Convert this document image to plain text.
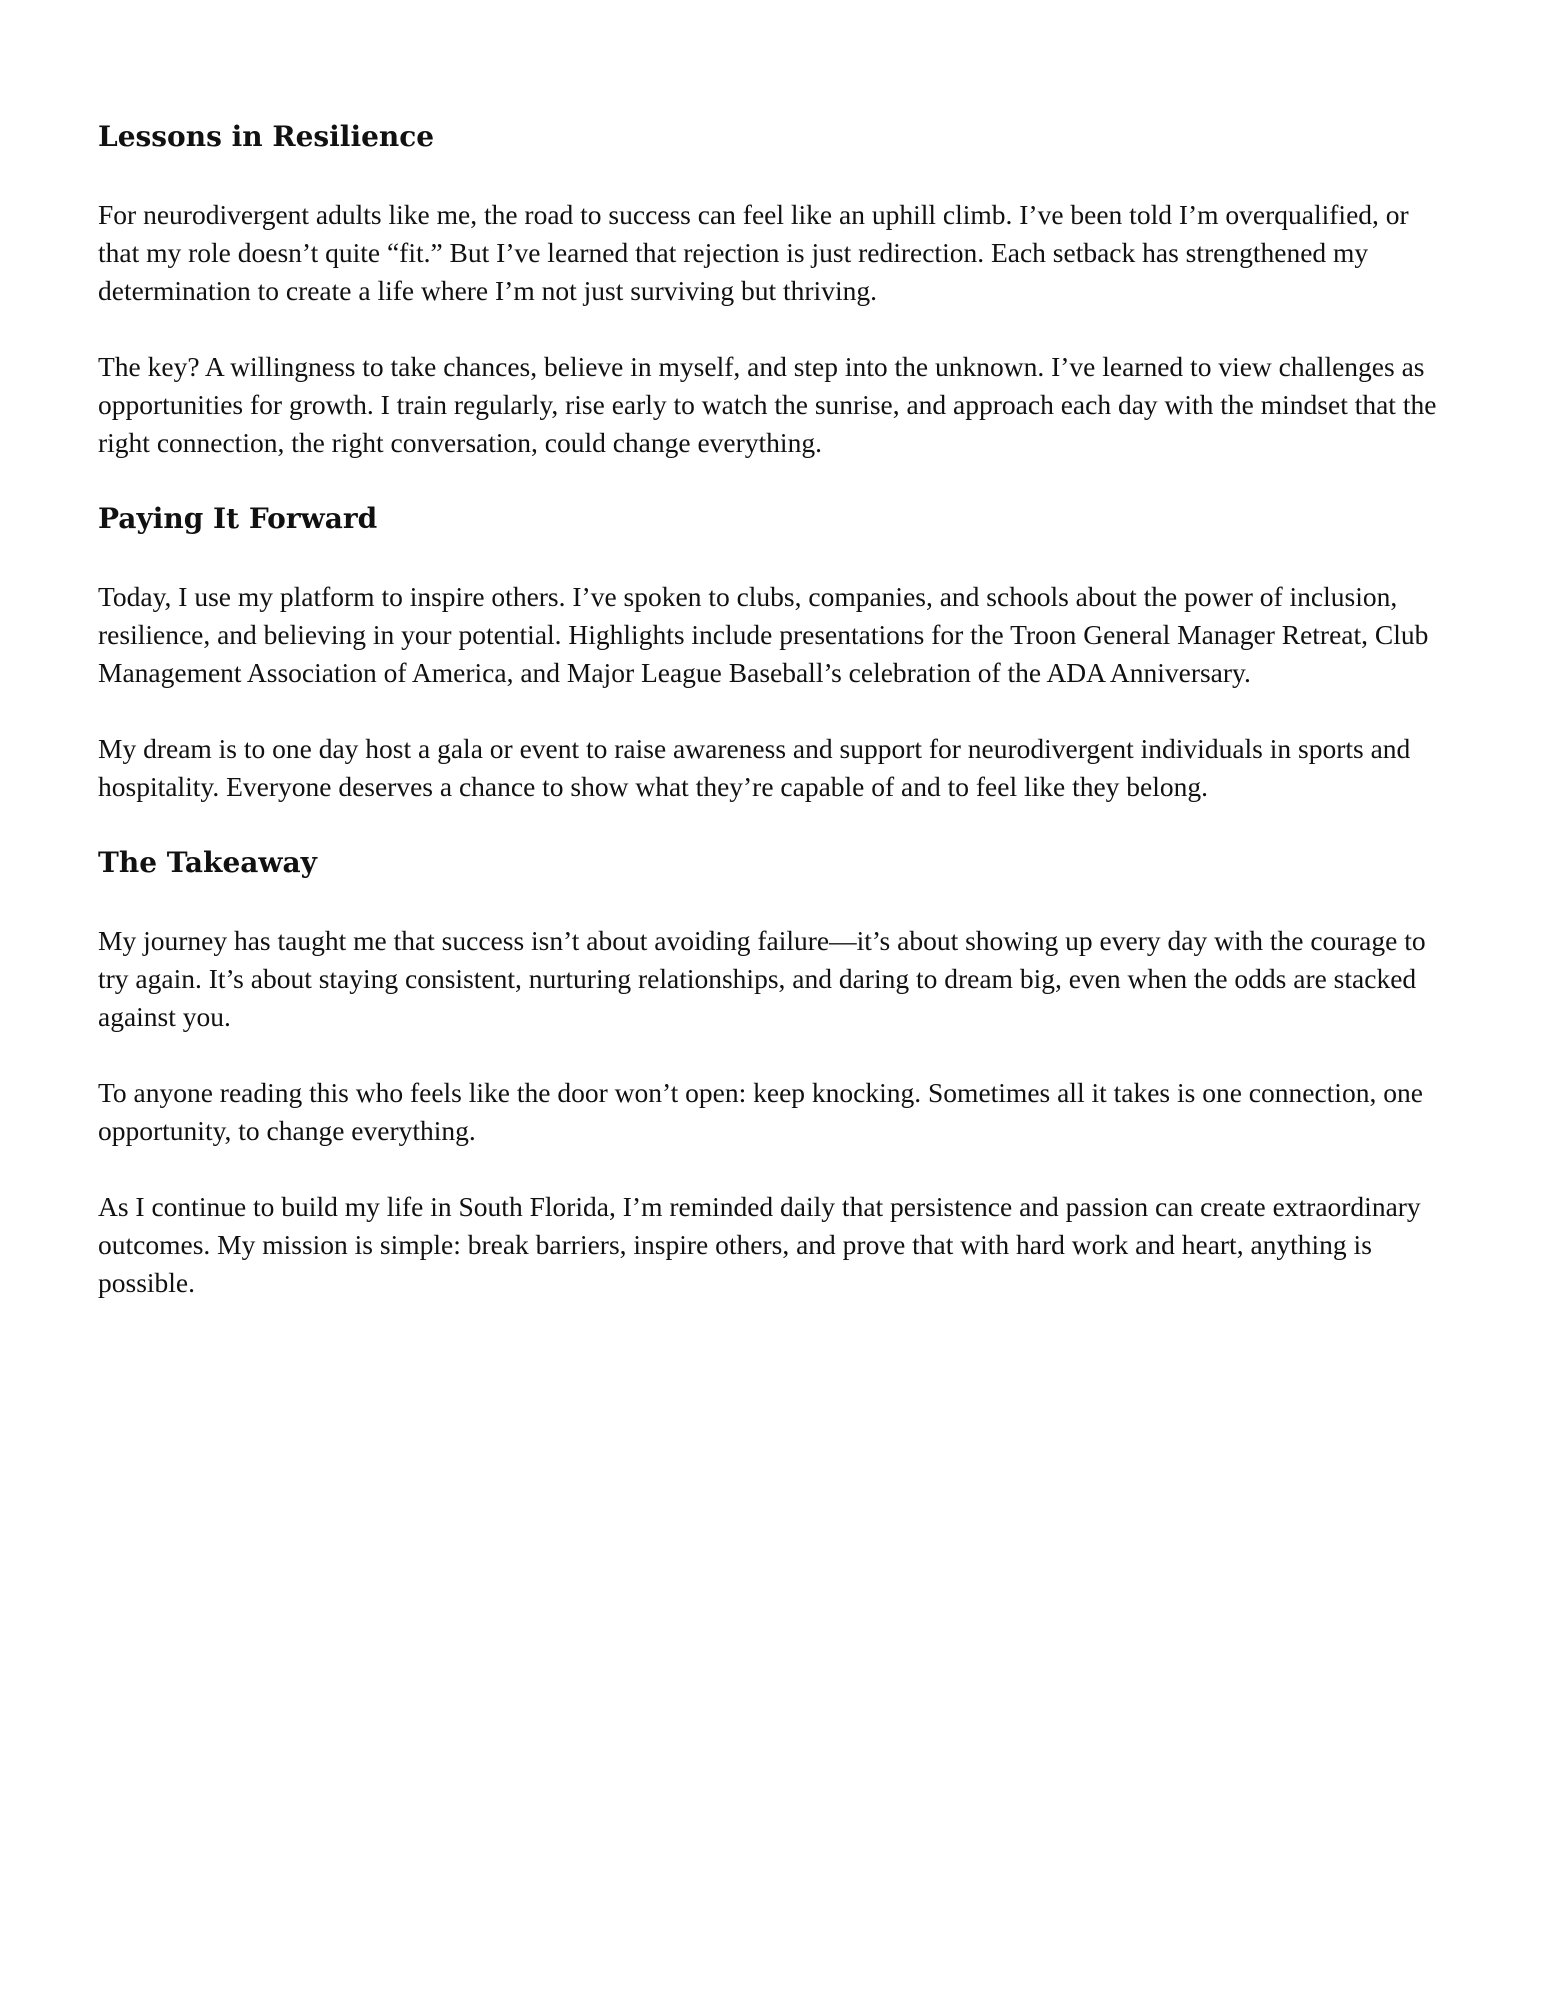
Lessons in Resilience

For neurodivergent adults like me, the road to success can feel like an uphill climb. I’ve been told I’m overqualified, or that my role doesn’t quite “fit.” But I’ve learned that rejection is just redirection. Each setback has strengthened my determination to create a life where I’m not just surviving but thriving.

The key? A willingness to take chances, believe in myself, and step into the unknown. I’ve learned to view challenges as opportunities for growth. I train regularly, rise early to watch the sunrise, and approach each day with the mindset that the right connection, the right conversation, could change everything.

Paying It Forward

Today, I use my platform to inspire others. I’ve spoken to clubs, companies, and schools about the power of inclusion, resilience, and believing in your potential. Highlights include presentations for the Troon General Manager Retreat, Club Management Association of America, and Major League Baseball’s celebration of the ADA Anniversary.

My dream is to one day host a gala or event to raise awareness and support for neurodivergent individuals in sports and hospitality. Everyone deserves a chance to show what they’re capable of and to feel like they belong.

The Takeaway

My journey has taught me that success isn’t about avoiding failure—it’s about showing up every day with the courage to try again. It’s about staying consistent, nurturing relationships, and daring to dream big, even when the odds are stacked against you.

To anyone reading this who feels like the door won’t open: keep knocking. Sometimes all it takes is one connection, one opportunity, to change everything.

As I continue to build my life in South Florida, I’m reminded daily that persistence and passion can create extraordinary outcomes. My mission is simple: break barriers, inspire others, and prove that with hard work and heart, anything is possible.
